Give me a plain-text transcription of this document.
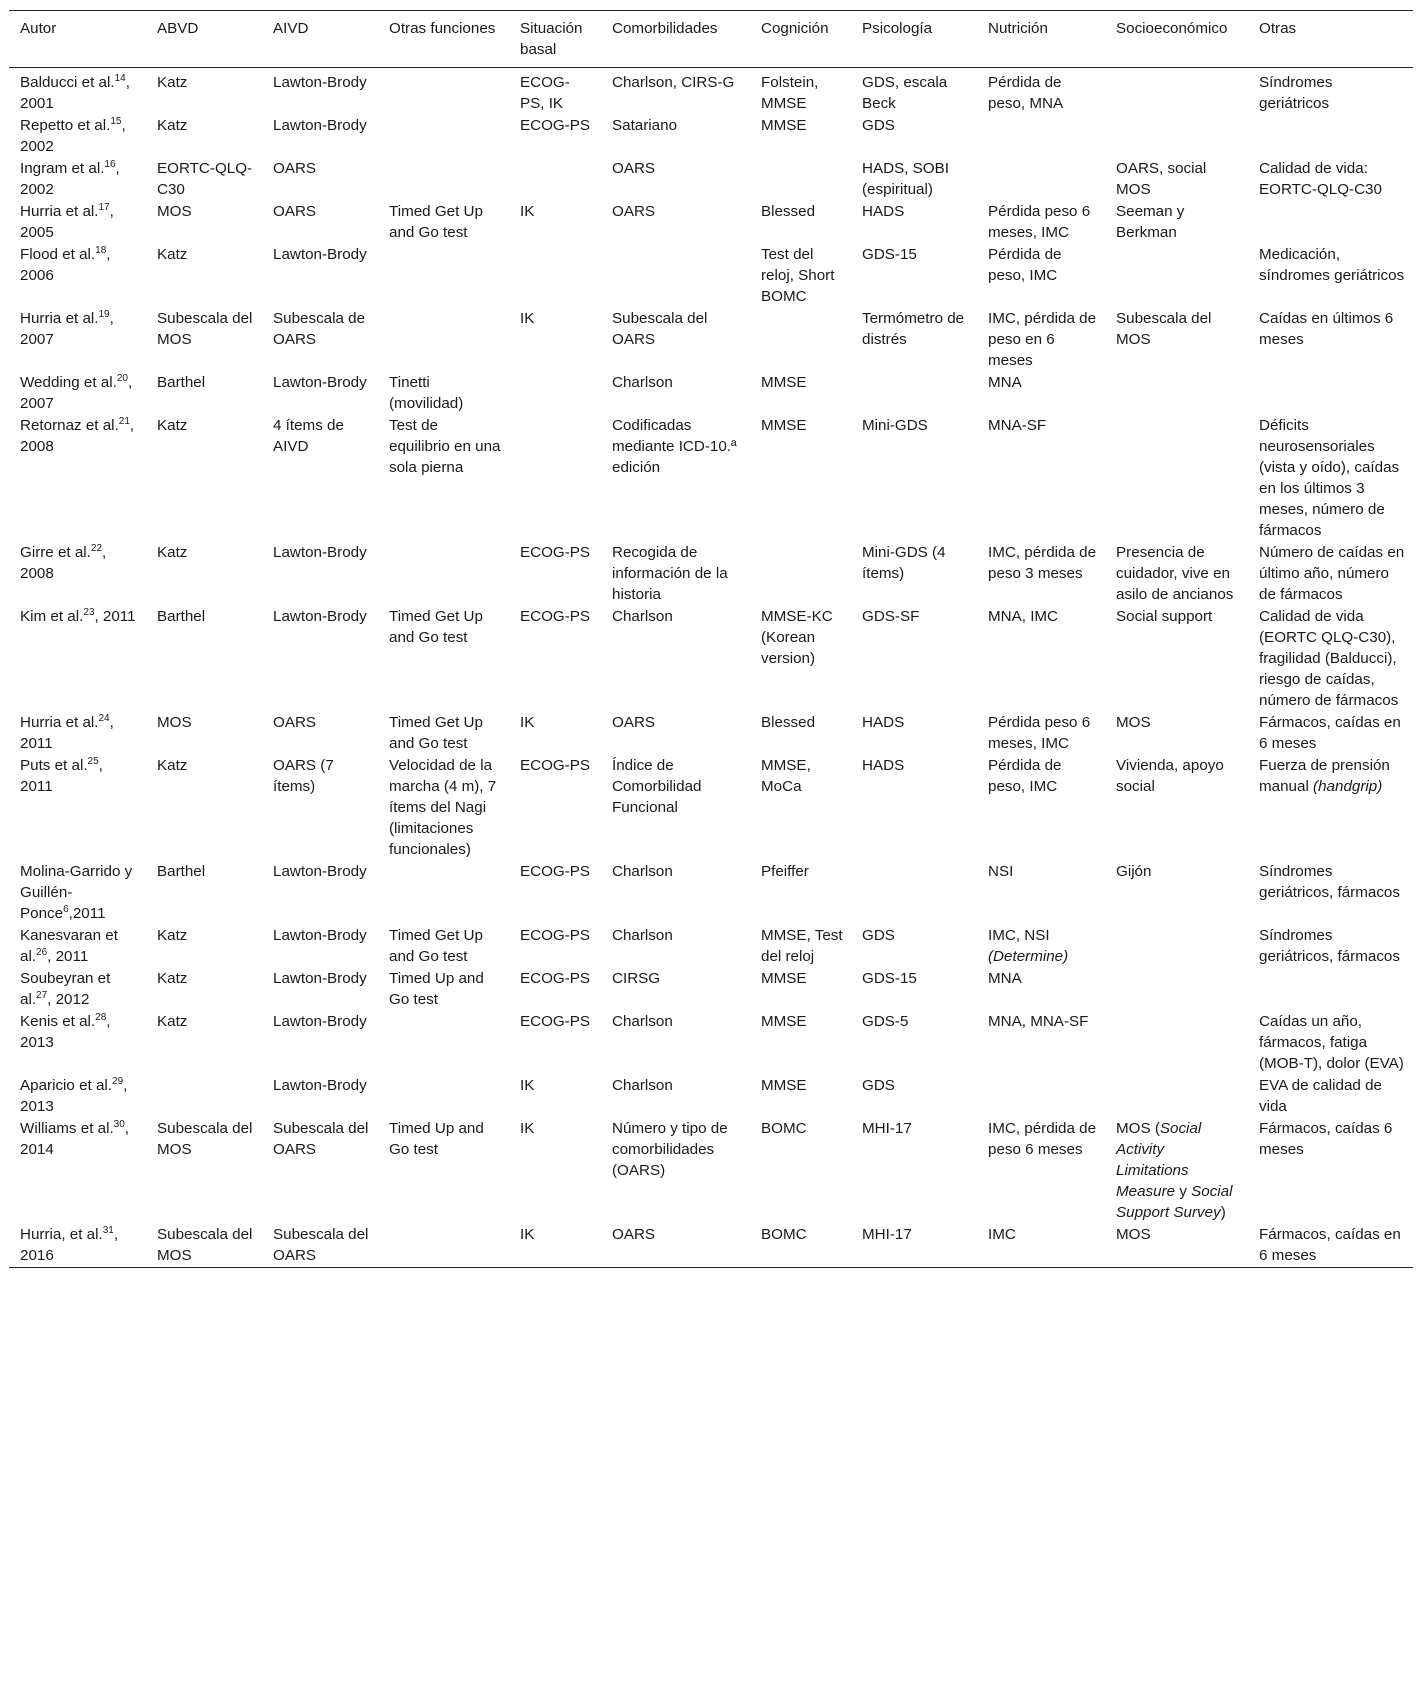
Autor	ABVD	AIVD	Otras funciones	Situación basal	Comorbilidades	Cognición	Psicología	Nutrición	Socioeconómico	Otras
Balducci et al.$^{14}$, 2001	Katz	Lawton-Brody		ECOG-PS, IK	Charlson, CIRS-G	Folstein, MMSE	GDS, escala Beck	Pérdida de peso, MNA		Síndromes geriátricos
Repetto et al.$^{15}$, 2002	Katz	Lawton-Brody		ECOG-PS	Satariano	MMSE	GDS			
Ingram et al.$^{16}$, 2002	EORTC-QLQ-C30	OARS			OARS		HADS, SOBI (espiritual)		OARS, social MOS	Calidad de vida: EORTC-QLQ-C30
Hurria et al.$^{17}$, 2005	MOS	OARS	Timed Get Up and Go test	IK	OARS	Blessed	HADS	Pérdida peso 6 meses, IMC	Seeman y Berkman	
Flood et al.$^{18}$, 2006	Katz	Lawton-Brody				Test del reloj, Short BOMC	GDS-15	Pérdida de peso, IMC		Medicación, síndromes geriátricos
Hurria et al.$^{19}$, 2007	Subescala del MOS	Subescala de OARS		IK	Subescala del OARS		Termómetro de distrés	IMC, pérdida de peso en 6 meses	Subescala del MOS	Caídas en últimos 6 meses
Wedding et al.$^{20}$, 2007	Barthel	Lawton-Brody	Tinetti (movilidad)		Charlson	MMSE		MNA		
Retornaz et al.$^{21}$, 2008	Katz	4 ítems de AIVD	Test de equilibrio en una sola pierna		Codificadas mediante ICD-10.ª edición	MMSE	Mini-GDS	MNA-SF		Déficits neurosensoriales (vista y oído), caídas en los últimos 3 meses, número de fármacos
Girre et al.$^{22}$, 2008	Katz	Lawton-Brody		ECOG-PS	Recogida de información de la historia		Mini-GDS (4 ítems)	IMC, pérdida de peso 3 meses	Presencia de cuidador, vive en asilo de ancianos	Número de caídas en último año, número de fármacos
Kim et al.$^{23}$, 2011	Barthel	Lawton-Brody	Timed Get Up and Go test	ECOG-PS	Charlson	MMSE-KC (Korean version)	GDS-SF	MNA, IMC	Social support	Calidad de vida (EORTC QLQ-C30), fragilidad (Balducci), riesgo de caídas, número de fármacos
Hurria et al.$^{24}$, 2011	MOS	OARS	Timed Get Up and Go test	IK	OARS	Blessed	HADS	Pérdida peso 6 meses, IMC	MOS	Fármacos, caídas en 6 meses
Puts et al.$^{25}$, 2011	Katz	OARS (7 ítems)	Velocidad de la marcha (4 m), 7 ítems del Nagi (limitaciones funcionales)	ECOG-PS	Índice de Comorbilidad Funcional	MMSE, MoCa	HADS	Pérdida de peso, IMC	Vivienda, apoyo social	Fuerza de prensión manual (handgrip)
Molina-Garrido y Guillén-Ponce$^6$,2011	Barthel	Lawton-Brody		ECOG-PS	Charlson	Pfeiffer		NSI	Gijón	Síndromes geriátricos, fármacos
Kanesvaran et al.$^{26}$, 2011	Katz	Lawton-Brody	Timed Get Up and Go test	ECOG-PS	Charlson	MMSE, Test del reloj	GDS	IMC, NSI (Determine)		Síndromes geriátricos, fármacos
Soubeyran et al.$^{27}$, 2012	Katz	Lawton-Brody	Timed Up and Go test	ECOG-PS	CIRSG	MMSE	GDS-15	MNA		
Kenis et al.$^{28}$, 2013	Katz	Lawton-Brody		ECOG-PS	Charlson	MMSE	GDS-5	MNA, MNA-SF		Caídas un año, fármacos, fatiga (MOB-T), dolor (EVA)
Aparicio et al.$^{29}$, 2013		Lawton-Brody		IK	Charlson	MMSE	GDS			EVA de calidad de vida
Williams et al.$^{30}$, 2014	Subescala del MOS	Subescala del OARS	Timed Up and Go test	IK	Número y tipo de comorbilidades (OARS)	BOMC	MHI-17	IMC, pérdida de peso 6 meses	MOS (Social Activity Limitations Measure y Social Support Survey)	Fármacos, caídas 6 meses
Hurria, et al.$^{31}$, 2016	Subescala del MOS	Subescala del OARS		IK	OARS	BOMC	MHI-17	IMC	MOS	Fármacos, caídas en 6 meses
